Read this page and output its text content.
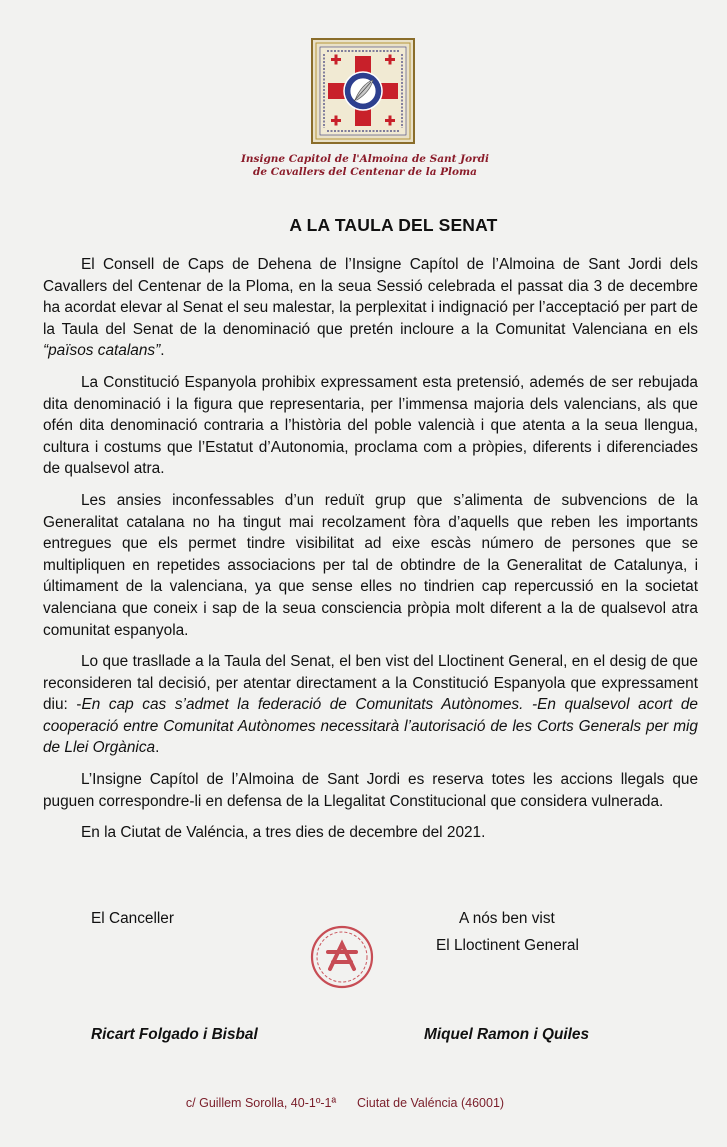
Insigne Capitol de l'Almoina de Sant Jordi
de Cavallers del Centenar de la Ploma
A LA TAULA DEL SENAT

El Consell de Caps de Dehena de l’Insigne Capítol de l’Almoina de Sant Jordi dels Cavallers del Centenar de la Ploma, en la seua Sessió celebrada el passat dia 3 de decembre ha acordat elevar al Senat el seu malestar, la perplexitat i indignació per l’acceptació per part de la Taula del Senat de la denominació que pretén incloure a la Comunitat Valenciana en els “països catalans”.

La Constitució Espanyola prohibix expressament esta pretensió, ademés de ser rebujada dita denominació i la figura que representaria, per l’immensa majoria dels valencians, als que ofén dita denominació contraria a l’història del poble valencià i que atenta a la seua llengua, cultura i costums que l’Estatut d’Autonomia, proclama com a pròpies, diferents i diferenciades de qualsevol atra.

Les ansies inconfessables d’un reduït grup que s’alimenta de subvencions de la Generalitat catalana no ha tingut mai recolzament fòra d’aquells que reben les importants entregues que els permet tindre visibilitat ad eixe escàs número de persones que se multipliquen en repetides associacions per tal de obtindre de la Generalitat de Catalunya, i últimament de la valenciana, ya que sense elles no tindrien cap repercussió en la societat valenciana que coneix i sap de la seua consciencia pròpia molt diferent a la de qualsevol atra comunitat espanyola.

Lo que trasllade a la Taula del Senat, el ben vist del Lloctinent General, en el desig de que reconsideren tal decisió, per atentar directament a la Constitució Espanyola que expressament diu: -En cap cas s’admet la federació de Comunitats Autònomes. -En qualsevol acort de cooperació entre Comunitat Autònomes necessitarà l’autorisació de les Corts Generals per mig de Llei Orgànica.

L’Insigne Capítol de l’Almoina de Sant Jordi es reserva totes les accions llegals que puguen correspondre-li en defensa de la Llegalitat Constitucional que considera vulnerada.

En la Ciutat de Valéncia, a tres dies de decembre del 2021.

El Canceller	A nós ben vist
El Lloctinent General
Ricart Folgado i Bisbal	Miquel Ramon i Quiles
c/ Guillem Sorolla, 40-1º-1ª Ciutat de Valéncia (46001)
